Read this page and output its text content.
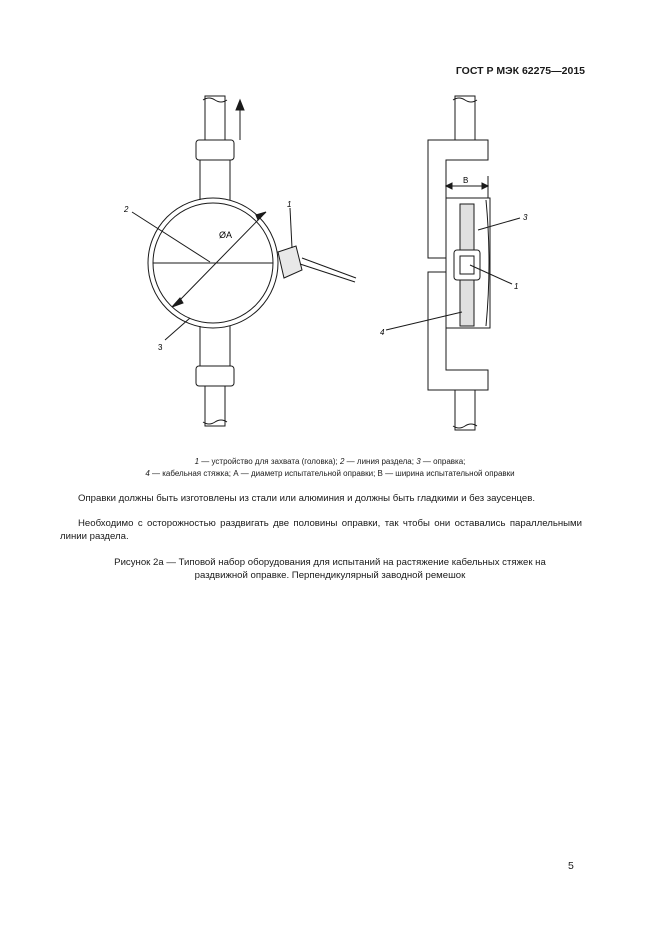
ГОСТ Р МЭК 62275—2015
1
2
3
ØA
3
1
4
B
1 — устройство для захвата (головка); 2 — линия раздела; 3 — оправка;
4 — кабельная стяжка; А — диаметр испытательной оправки; В — ширина испытательной оправки
Оправки должны быть изготовлены из стали или алюминия и должны быть гладкими и без заусенцев.
Необходимо с осторожностью раздвигать две половины оправки, так чтобы они оставались параллельными линии раздела.
Рисунок 2а — Типовой набор оборудования для испытаний на растяжение кабельных стяжек на
раздвижной оправке. Перпендикулярный заводной ремешок
5
